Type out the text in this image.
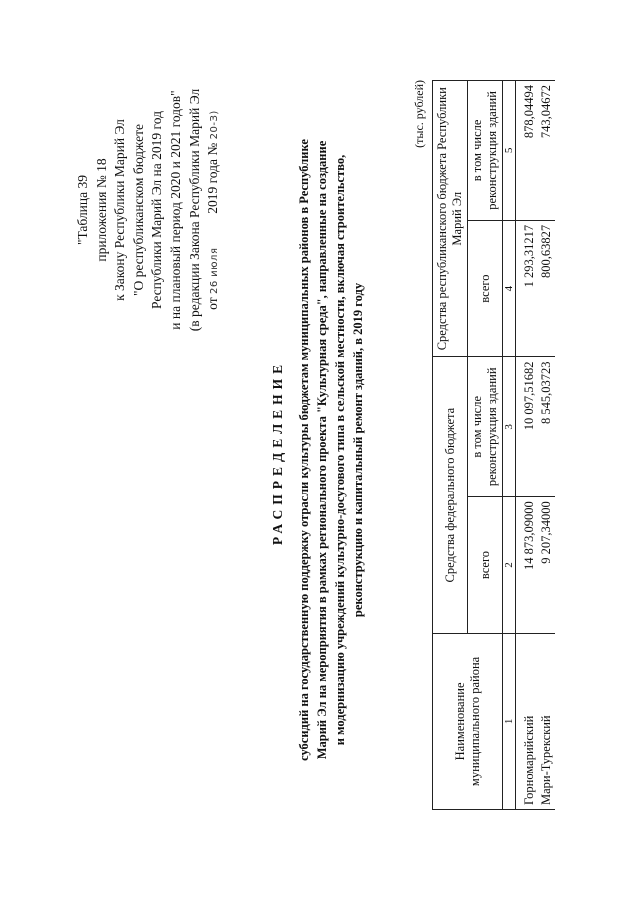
"Таблица 39 приложения № 18 к Закону Республики Марий Эл "О республиканском бюджете Республики Марий Эл на 2019 год и на плановый период 2020 и 2021 годов" (в редакции Закона Республики Марий Эл от 26 июля          2019 года № 20-З)
РАСПРЕДЕЛЕНИЕ субсидий на государственную поддержку отрасли культуры бюджетам муниципальных районов в Республике Марий Эл на мероприятия в рамках регионального проекта "Культурная среда", направленные на создание и модернизацию учреждений культурно-досугового типа в сельской местности, включая строительство, реконструкцию и капитальный ремонт зданий, в 2019 году
(тыс. рублей)
Наименование муниципального района	Средства федерального бюджета		Средства республиканского бюджета Республики Марий Эл	
	всего	в том числе реконструкция зданий	всего	в том числе реконструкция зданий
1	2	3	4	5
Горномарийский	14 873,09000	10 097,51682	1 293,31217	878,04494
Мари-Турекский	9 207,34000	8 545,03723	800,63827	743,04672
